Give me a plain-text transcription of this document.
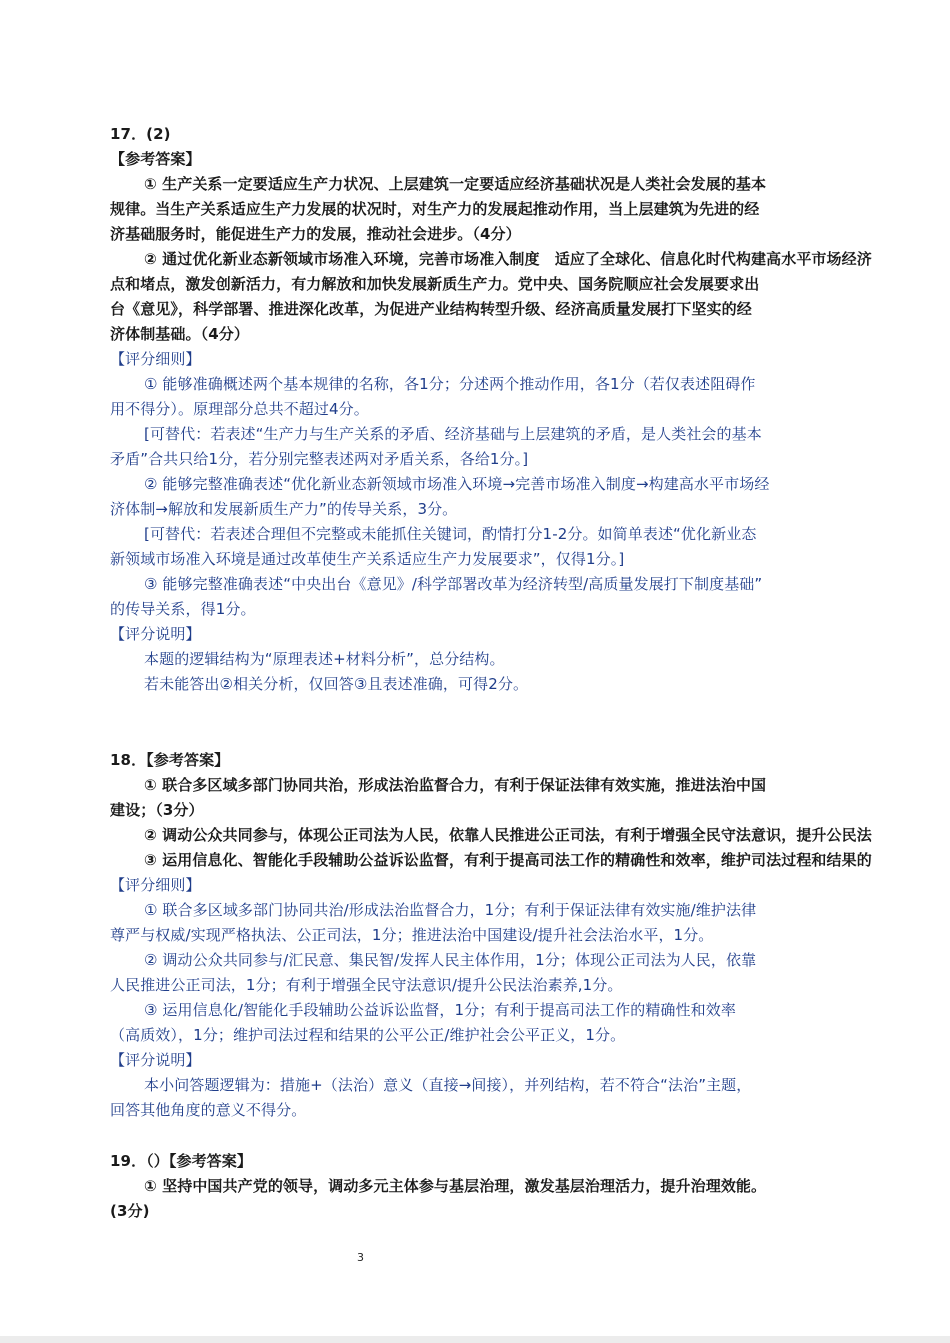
17．(2)
【参考答案】
① 生产关系一定要适应生产力状况、上层建筑一定要适应经济基础状况是人类社会发展的基本
规律。当生产关系适应生产力发展的状况时，对生产力的发展起推动作用，当上层建筑为先进的经
济基础服务时，能促进生产力的发展，推动社会进步。（4分）
② 通过优化新业态新领域市场准入环境，完善市场准入制度　适应了全球化、信息化时代构建高水平市场经济
点和堵点，激发创新活力，有力解放和加快发展新质生产力。党中央、国务院顺应社会发展要求出
台《意见》，科学部署、推进深化改革，为促进产业结构转型升级、经济高质量发展打下坚实的经
济体制基础。（4分）
【评分细则】
① 能够准确概述两个基本规律的名称，各1分；分述两个推动作用，各1分（若仅表述阻碍作
用不得分）。原理部分总共不超过4分。
[可替代：若表述“生产力与生产关系的矛盾、经济基础与上层建筑的矛盾，是人类社会的基本
矛盾”合共只给1分，若分别完整表述两对矛盾关系，各给1分。]
② 能够完整准确表述“优化新业态新领域市场准入环境→完善市场准入制度→构建高水平市场经
济体制→解放和发展新质生产力”的传导关系，3分。
[可替代：若表述合理但不完整或未能抓住关键词，酌情打分1-2分。如简单表述“优化新业态
新领域市场准入环境是通过改革使生产关系适应生产力发展要求”，仅得1分。]
③ 能够完整准确表述“中央出台《意见》/科学部署改革为经济转型/高质量发展打下制度基础”
的传导关系，得1分。
【评分说明】
本题的逻辑结构为“原理表述+材料分析”，总分结构。
若未能答出②相关分析，仅回答③且表述准确，可得2分。
18．【参考答案】
① 联合多区域多部门协同共治，形成法治监督合力，有利于保证法律有效实施，推进法治中国
建设；（3分）
② 调动公众共同参与，体现公正司法为人民，依靠人民推进公正司法，有利于增强全民守法意识，提升公民法
③ 运用信息化、智能化手段辅助公益诉讼监督，有利于提高司法工作的精确性和效率，维护司法过程和结果的
【评分细则】
① 联合多区域多部门协同共治/形成法治监督合力，1分；有利于保证法律有效实施/维护法律
尊严与权威/实现严格执法、公正司法，1分；推进法治中国建设/提升社会法治水平，1分。
② 调动公众共同参与/汇民意、集民智/发挥人民主体作用，1分；体现公正司法为人民，依靠
人民推进公正司法，1分；有利于增强全民守法意识/提升公民法治素养,1分。
③ 运用信息化/智能化手段辅助公益诉讼监督，1分；有利于提高司法工作的精确性和效率
（高质效），1分；维护司法过程和结果的公平公正/维护社会公平正义，1分。
【评分说明】
本小问答题逻辑为：措施+（法治）意义（直接→间接），并列结构，若不符合“法治”主题，
回答其他角度的意义不得分。
19．（）【参考答案】
① 坚持中国共产党的领导，调动多元主体参与基层治理，激发基层治理活力，提升治理效能。
(3分)
3
